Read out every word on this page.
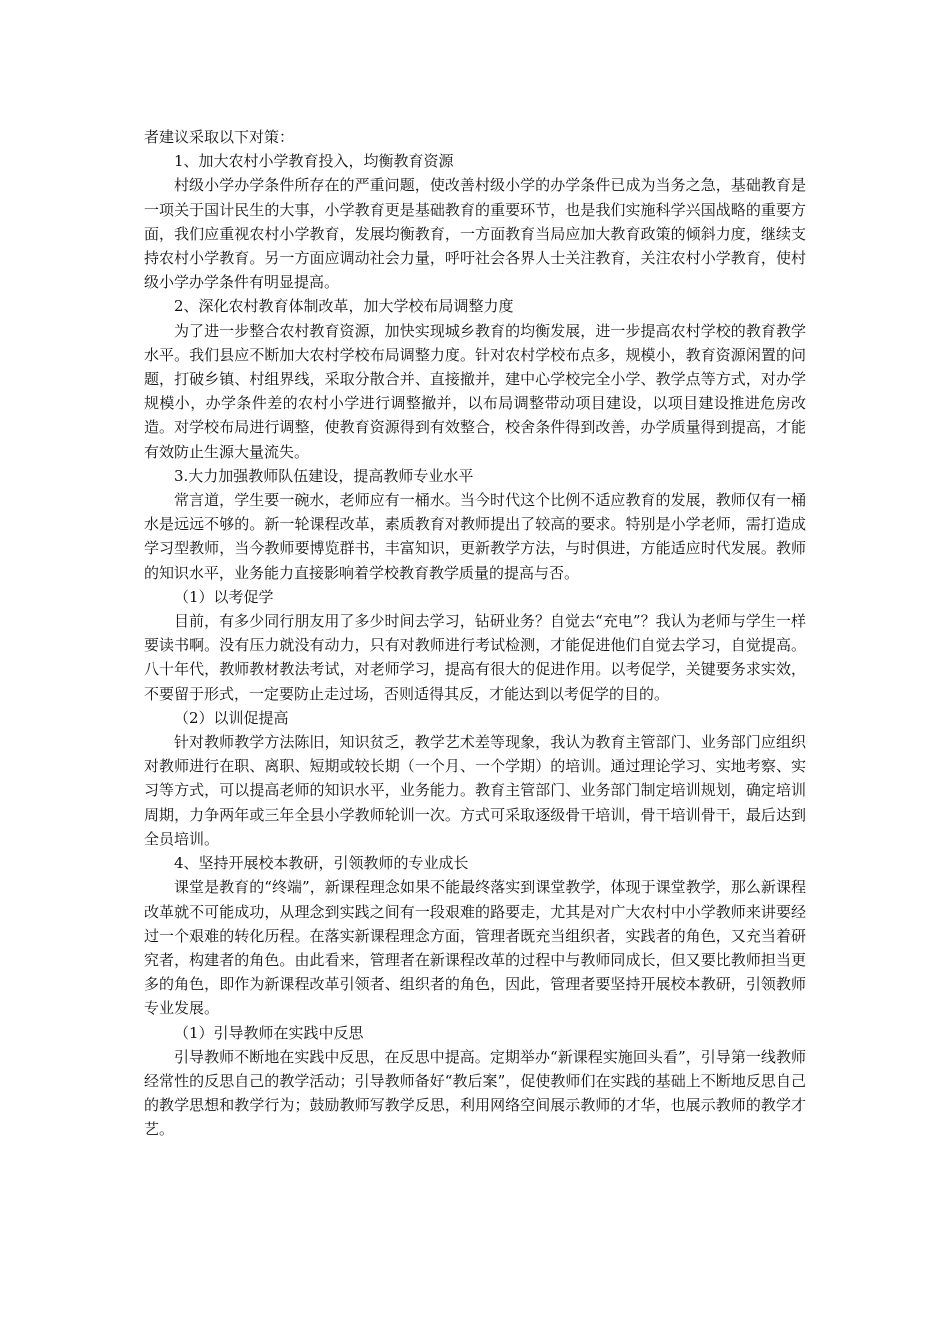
者建议采取以下对策：

1、加大农村小学教育投入，均衡教育资源

村级小学办学条件所存在的严重问题，使改善村级小学的办学条件已成为当务之急，基础教育是一项关于国计民生的大事，小学教育更是基础教育的重要环节，也是我们实施科学兴国战略的重要方面，我们应重视农村小学教育，发展均衡教育，一方面教育当局应加大教育政策的倾斜力度，继续支持农村小学教育。另一方面应调动社会力量，呼吁社会各界人士关注教育，关注农村小学教育，使村级小学办学条件有明显提高。

2、深化农村教育体制改革，加大学校布局调整力度

为了进一步整合农村教育资源，加快实现城乡教育的均衡发展，进一步提高农村学校的教育教学水平。我们县应不断加大农村学校布局调整力度。针对农村学校布点多，规模小，教育资源闲置的问题，打破乡镇、村组界线，采取分散合并、直接撤并，建中心学校完全小学、教学点等方式，对办学规模小，办学条件差的农村小学进行调整撤并，以布局调整带动项目建设，以项目建设推进危房改造。对学校布局进行调整，使教育资源得到有效整合，校舍条件得到改善，办学质量得到提高，才能有效防止生源大量流失。

3.大力加强教师队伍建设，提高教师专业水平

常言道，学生要一碗水，老师应有一桶水。当今时代这个比例不适应教育的发展，教师仅有一桶水是远远不够的。新一轮课程改革，素质教育对教师提出了较高的要求。特别是小学老师，需打造成学习型教师，当今教师要博览群书，丰富知识，更新教学方法，与时俱进，方能适应时代发展。教师的知识水平，业务能力直接影响着学校教育教学质量的提高与否。

（1）以考促学

目前，有多少同行朋友用了多少时间去学习，钻研业务？自觉去“充电”？我认为老师与学生一样要读书啊。没有压力就没有动力，只有对教师进行考试检测，才能促进他们自觉去学习，自觉提高。八十年代，教师教材教法考试，对老师学习，提高有很大的促进作用。以考促学，关键要务求实效，不要留于形式，一定要防止走过场，否则适得其反，才能达到以考促学的目的。

（2）以训促提高

针对教师教学方法陈旧，知识贫乏，教学艺术差等现象，我认为教育主管部门、业务部门应组织对教师进行在职、离职、短期或较长期（一个月、一个学期）的培训。通过理论学习、实地考察、实习等方式，可以提高老师的知识水平，业务能力。教育主管部门、业务部门制定培训规划，确定培训周期，力争两年或三年全县小学教师轮训一次。方式可采取逐级骨干培训，骨干培训骨干，最后达到全员培训。

4、坚持开展校本教研，引领教师的专业成长

课堂是教育的“终端”，新课程理念如果不能最终落实到课堂教学，体现于课堂教学，那么新课程改革就不可能成功，从理念到实践之间有一段艰难的路要走，尤其是对广大农村中小学教师来讲要经过一个艰难的转化历程。在落实新课程理念方面，管理者既充当组织者，实践者的角色，又充当着研究者，构建者的角色。由此看来，管理者在新课程改革的过程中与教师同成长，但又要比教师担当更多的角色，即作为新课程改革引领者、组织者的角色，因此，管理者要坚持开展校本教研，引领教师专业发展。

（1）引导教师在实践中反思

引导教师不断地在实践中反思，在反思中提高。定期举办“新课程实施回头看”，引导第一线教师经常性的反思自己的教学活动；引导教师备好“教后案”，促使教师们在实践的基础上不断地反思自己的教学思想和教学行为；鼓励教师写教学反思，利用网络空间展示教师的才华，也展示教师的教学才艺。
